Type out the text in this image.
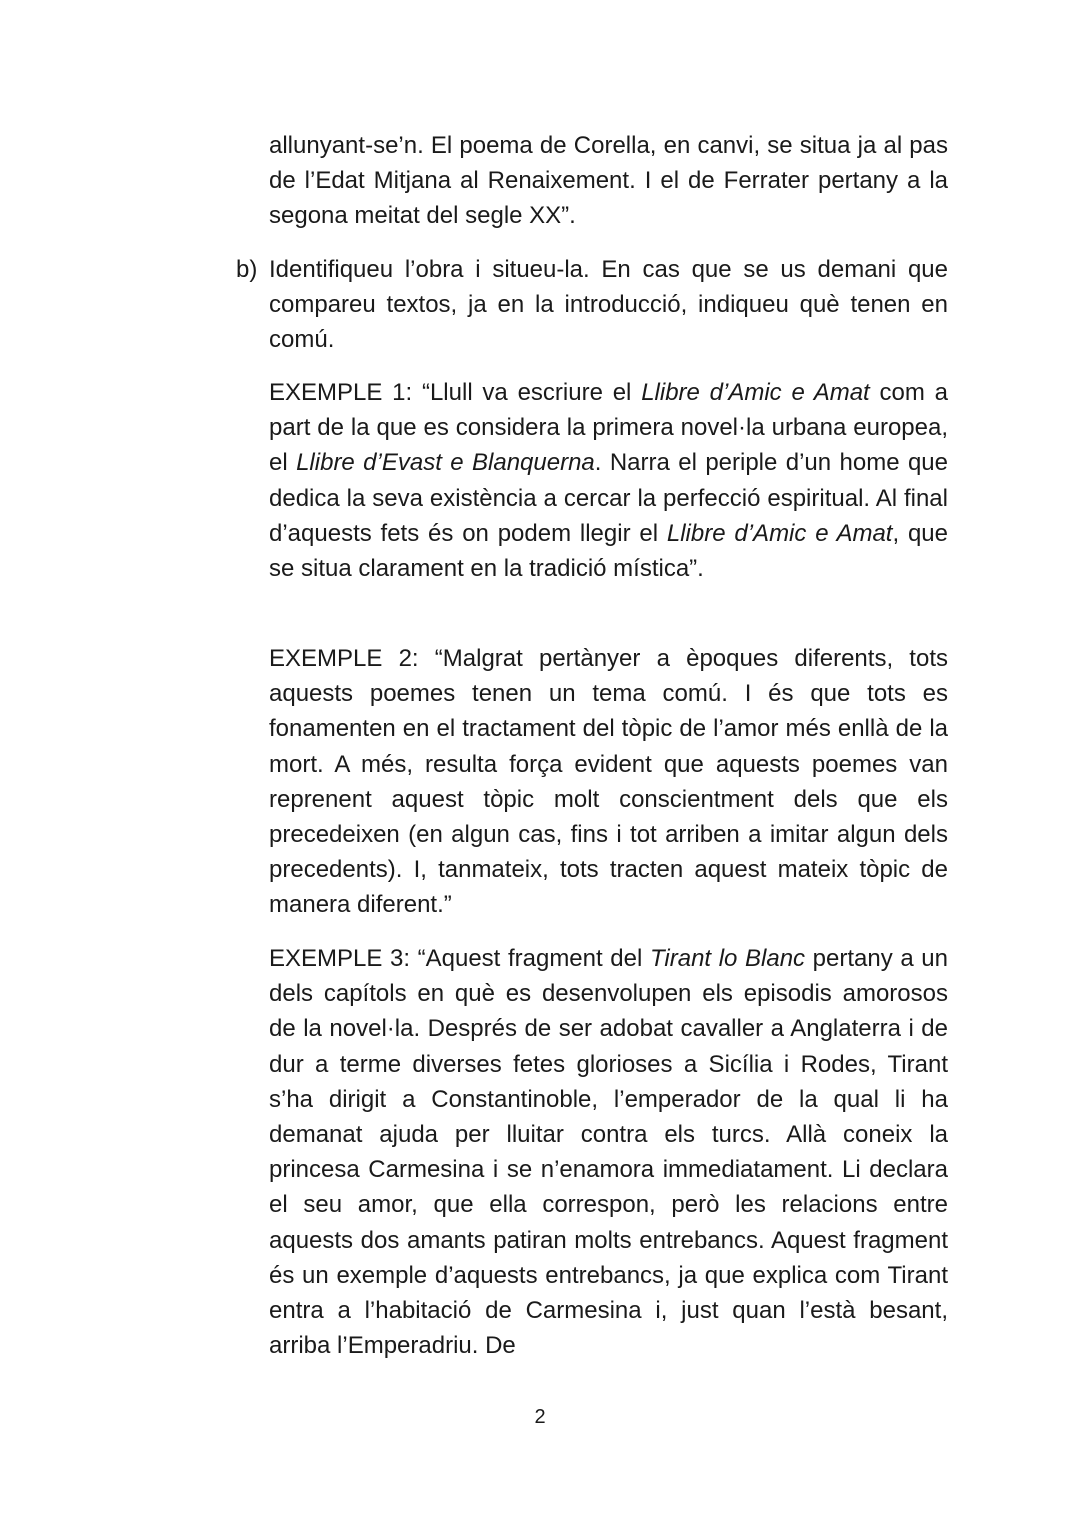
allunyant-se’n. El poema de Corella, en canvi, se situa ja al pas de l’Edat Mitjana al Renaixement. I el de Ferrater pertany a la segona meitat del segle XX”.

b) Identifiqueu l’obra i situeu-la. En cas que se us demani que compareu textos, ja en la introducció, indiqueu què tenen en comú.

EXEMPLE 1: “Llull va escriure el Llibre d’Amic e Amat com a part de la que es considera la primera novel·la urbana europea, el Llibre d’Evast e Blanquerna. Narra el periple d’un home que dedica la seva existència a cercar la perfecció espiritual. Al final d’aquests fets és on podem llegir el Llibre d’Amic e Amat, que se situa clarament en la tradició mística”.

EXEMPLE 2: “Malgrat pertànyer a èpoques diferents, tots aquests poemes tenen un tema comú. I és que tots es fonamenten en el tractament del tòpic de l’amor més enllà de la mort. A més, resulta força evident que aquests poemes van reprenent aquest tòpic molt conscientment dels que els precedeixen (en algun cas, fins i tot arriben a imitar algun dels precedents). I, tanmateix, tots tracten aquest mateix tòpic de manera diferent.”

EXEMPLE 3: “Aquest fragment del Tirant lo Blanc pertany a un dels capítols en què es desenvolupen els episodis amorosos de la novel·la. Després de ser adobat cavaller a Anglaterra i de dur a terme diverses fetes glorioses a Sicília i Rodes, Tirant s’ha dirigit a Constantinoble, l’emperador de la qual li ha demanat ajuda per lluitar contra els turcs. Allà coneix la princesa Carmesina i se n’enamora immediatament. Li declara el seu amor, que ella correspon, però les relacions entre aquests dos amants patiran molts entrebancs. Aquest fragment és un exemple d’aquests entrebancs, ja que explica com Tirant entra a l’habitació de Carmesina i, just quan l’està besant, arriba l’Emperadriu. De

2
